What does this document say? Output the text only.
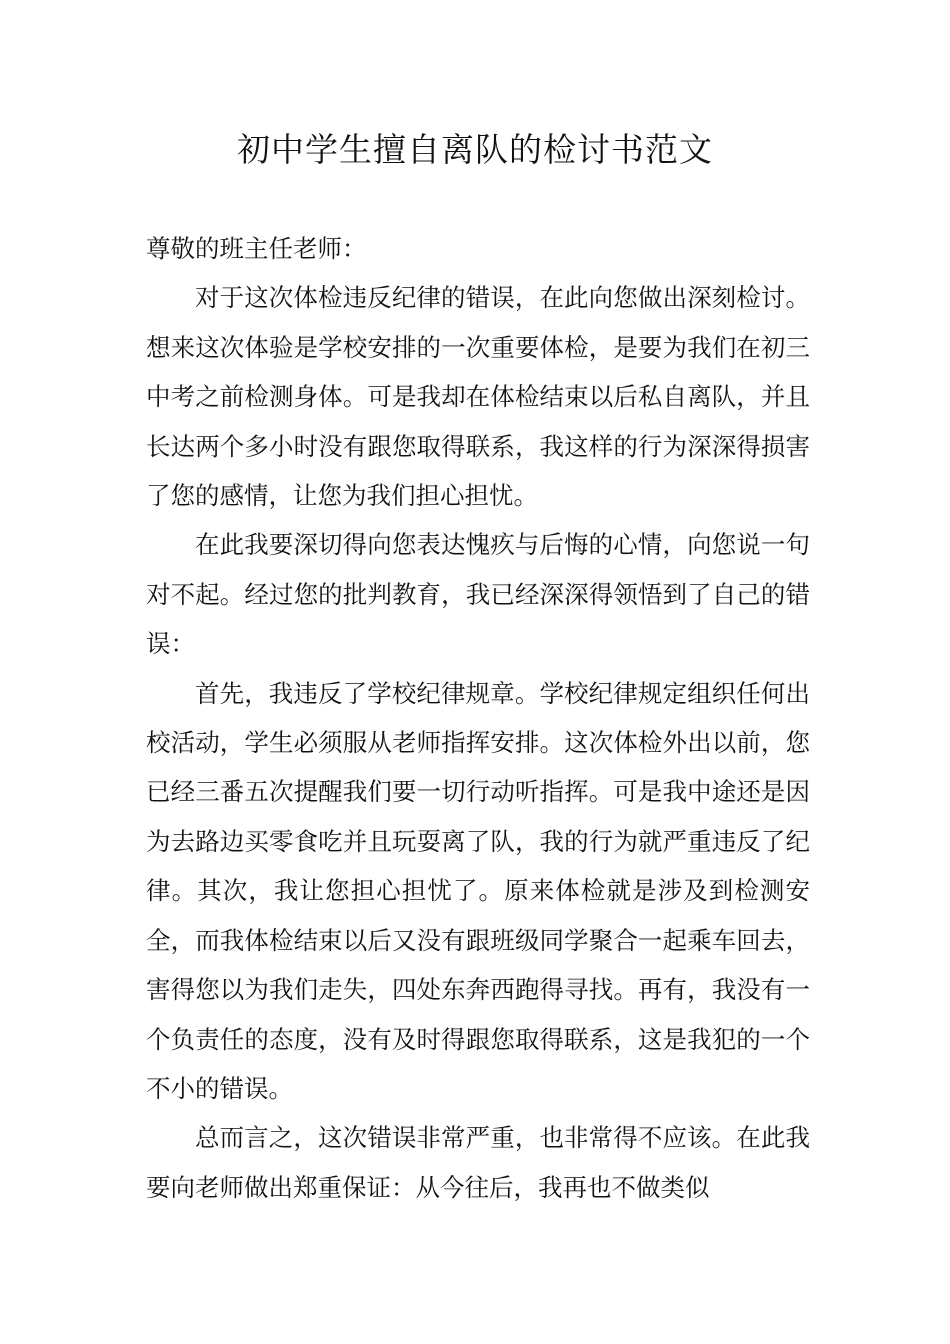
初中学生擅自离队的检讨书范文

尊敬的班主任老师：

对于这次体检违反纪律的错误，在此向您做出深刻检讨。想来这次体验是学校安排的一次重要体检，是要为我们在初三中考之前检测身体。可是我却在体检结束以后私自离队，并且长达两个多小时没有跟您取得联系，我这样的行为深深得损害了您的感情，让您为我们担心担忧。

在此我要深切得向您表达愧疚与后悔的心情，向您说一句对不起。经过您的批判教育，我已经深深得领悟到了自己的错误：

首先，我违反了学校纪律规章。学校纪律规定组织任何出校活动，学生必须服从老师指挥安排。这次体检外出以前，您已经三番五次提醒我们要一切行动听指挥。可是我中途还是因为去路边买零食吃并且玩耍离了队，我的行为就严重违反了纪律。其次，我让您担心担忧了。原来体检就是涉及到检测安全，而我体检结束以后又没有跟班级同学聚合一起乘车回去，害得您以为我们走失，四处东奔西跑得寻找。再有，我没有一个负责任的态度，没有及时得跟您取得联系，这是我犯的一个不小的错误。

总而言之，这次错误非常严重，也非常得不应该。在此我要向老师做出郑重保证：从今往后，我再也不做类似
